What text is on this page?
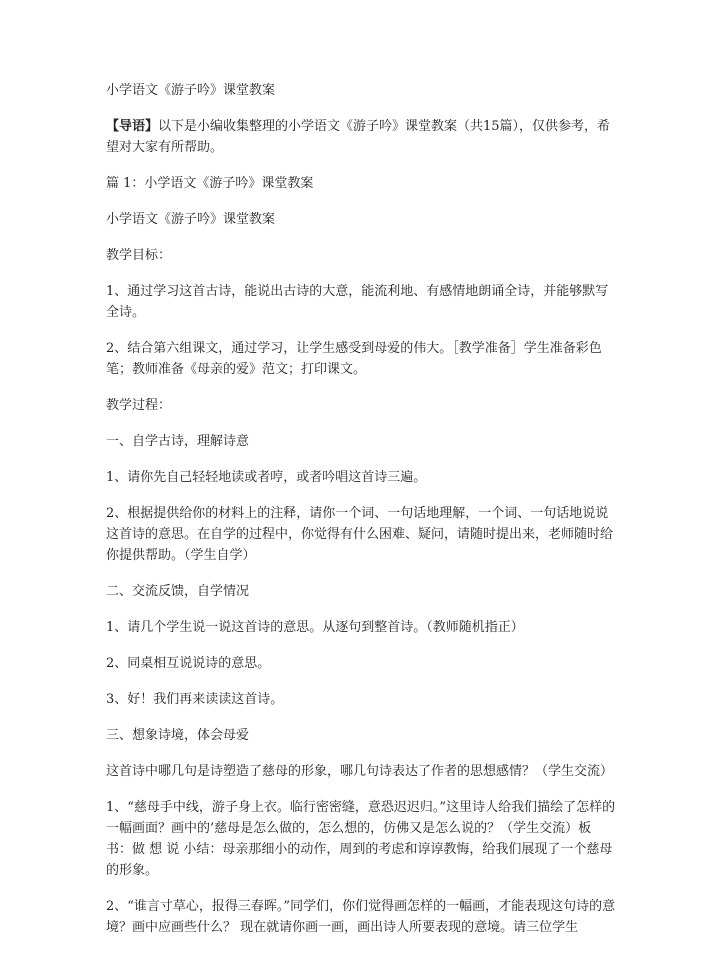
小学语文《游子吟》课堂教案

【导语】以下是小编收集整理的小学语文《游子吟》课堂教案（共15篇），仅供参考，希望对大家有所帮助。

篇 1：小学语文《游子吟》课堂教案

小学语文《游子吟》课堂教案

教学目标：

1、通过学习这首古诗，能说出古诗的大意，能流利地、有感情地朗诵全诗，并能够默写全诗。

2、结合第六组课文，通过学习，让学生感受到母爱的伟大。［教学准备］学生准备彩色笔；教师准备《母亲的爱》范文；打印课文。

教学过程：

一、自学古诗，理解诗意

1、请你先自己轻轻地读或者哼，或者吟唱这首诗三遍。

2、根据提供给你的材料上的注释，请你一个词、一句话地理解，一个词、一句话地说说这首诗的意思。在自学的过程中，你觉得有什么困难、疑问，请随时提出来，老师随时给你提供帮助。（学生自学）

二、交流反馈，自学情况

1、请几个学生说一说这首诗的意思。从逐句到整首诗。（教师随机指正）

2、同桌相互说说诗的意思。

3、好！我们再来读读这首诗。

三、想象诗境，体会母爱

这首诗中哪几句是诗塑造了慈母的形象，哪几句诗表达了作者的思想感情？（学生交流）

1、“慈母手中线，游子身上衣。临行密密缝，意恐迟迟归。”这里诗人给我们描绘了怎样的一幅画面？画中的’慈母是怎么做的，怎么想的，仿佛又是怎么说的？（学生交流）板书：做 想 说 小结：母亲那细小的动作，周到的考虑和谆谆教悔，给我们展现了一个慈母的形象。

2、“谁言寸草心，报得三春晖。”同学们，你们觉得画怎样的一幅画，才能表现这句诗的意境？画中应画些什么？ 现在就请你画一画，画出诗人所要表现的意境。请三位学生
